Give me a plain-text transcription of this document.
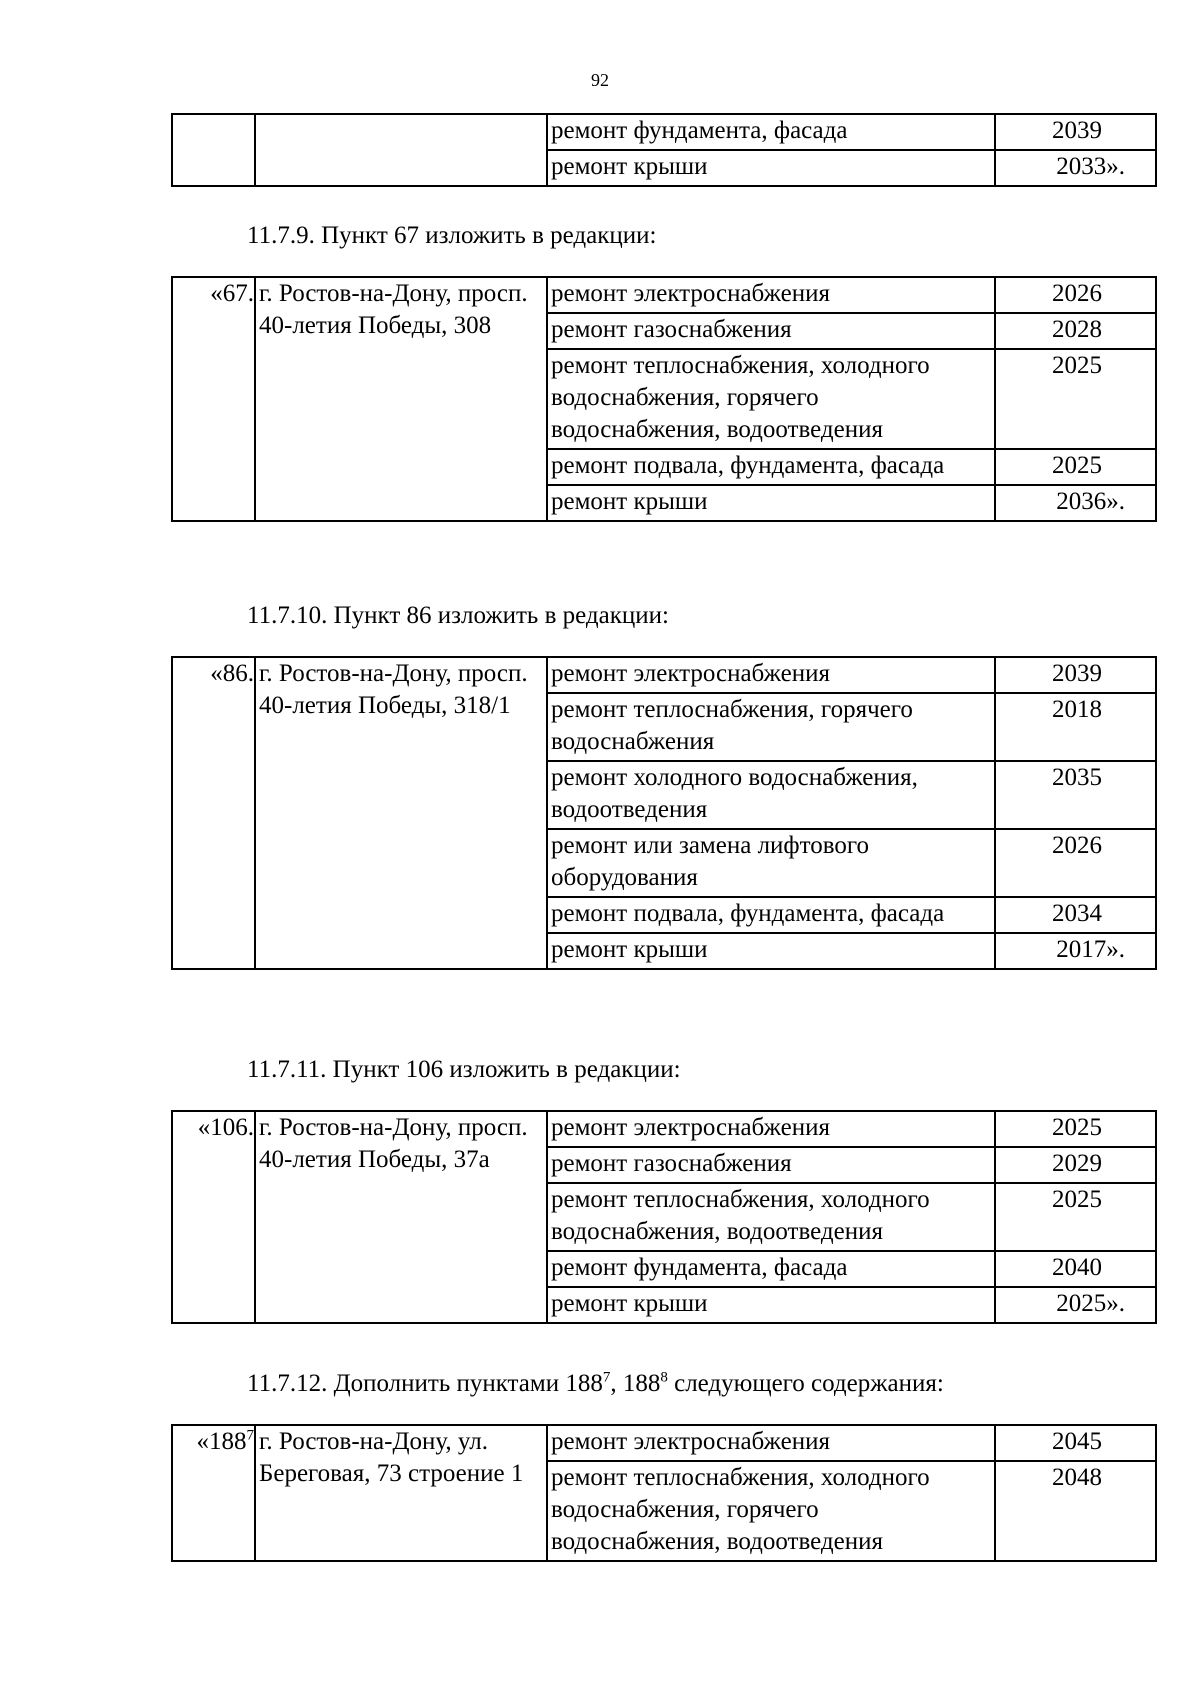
92
		ремонт фундамента, фасада	2039
		ремонт крыши	2033».
11.7.9. Пункт 67 изложить в редакции:
«67.	г. Ростов-на-Дону, просп. 40-летия Победы, 308	ремонт электроснабжения	2026
		ремонт газоснабжения	2028
		ремонт теплоснабжения, холодного водоснабжения, горячего водоснабжения, водоотведения	2025
		ремонт подвала, фундамента, фасада	2025
		ремонт крыши	2036».
11.7.10. Пункт 86 изложить в редакции:
«86.	г. Ростов-на-Дону, просп. 40-летия Победы, 318/1	ремонт электроснабжения	2039
		ремонт теплоснабжения, горячего водоснабжения	2018
		ремонт холодного водоснабжения, водоотведения	2035
		ремонт или замена лифтового оборудования	2026
		ремонт подвала, фундамента, фасада	2034
		ремонт крыши	2017».
11.7.11. Пункт 106 изложить в редакции:
«106.	г. Ростов-на-Дону, просп. 40-летия Победы, 37а	ремонт электроснабжения	2025
		ремонт газоснабжения	2029
		ремонт теплоснабжения, холодного водоснабжения, водоотведения	2025
		ремонт фундамента, фасада	2040
		ремонт крыши	2025».
11.7.12. Дополнить пунктами $188^7$, $188^8$ следующего содержания:
«$188^7$	г. Ростов-на-Дону, ул. Береговая, 73 строение 1	ремонт электроснабжения	2045
		ремонт теплоснабжения, холодного водоснабжения, горячего водоснабжения, водоотведения	2048
